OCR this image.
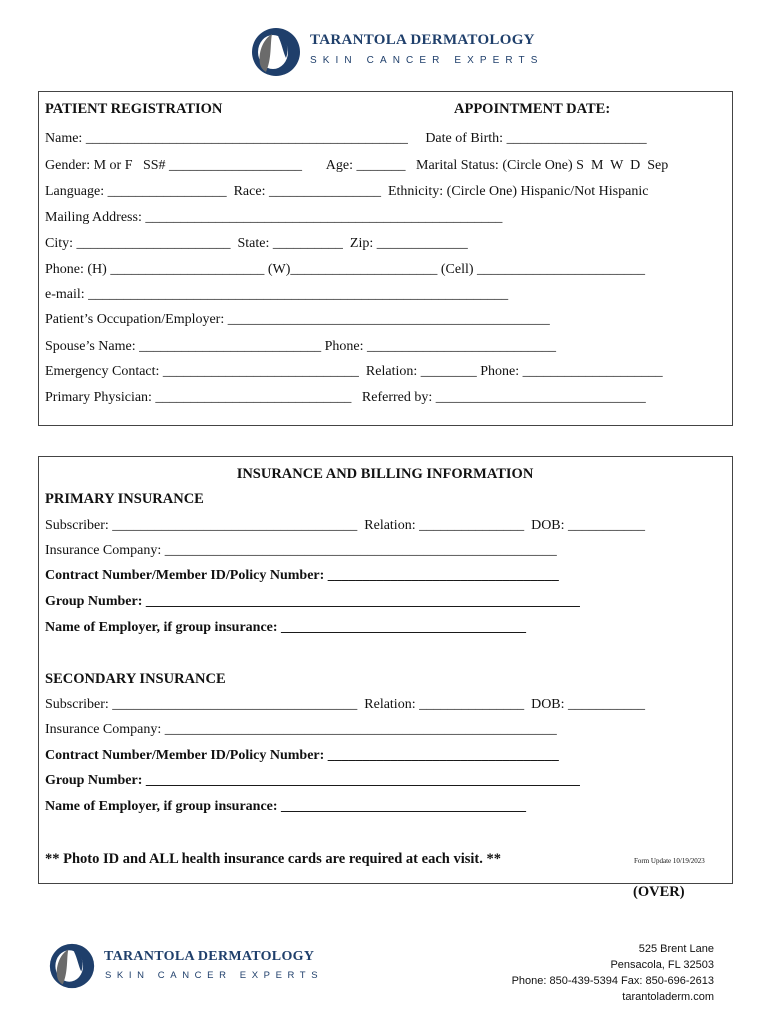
TARANTOLA DERMATOLOGY
SKIN CANCER EXPERTS
PATIENT REGISTRATION	APPOINTMENT DATE:
Name: ______________________________________________     Date of Birth: ____________________
Gender: M or F   SS# ___________________       Age: _______   Marital Status: (Circle One) S  M  W  D  Sep
Language: _________________  Race: ________________  Ethnicity: (Circle One) Hispanic/Not Hispanic
Mailing Address: ___________________________________________________
City: ______________________  State: __________  Zip: _____________
Phone: (H) ______________________ (W)_____________________ (Cell) ________________________
e-mail: ____________________________________________________________
Patient’s Occupation/Employer: ______________________________________________
Spouse’s Name: __________________________ Phone: ___________________________
Emergency Contact: ____________________________  Relation: ________ Phone: ____________________
Primary Physician: ____________________________   Referred by: ______________________________
INSURANCE AND BILLING INFORMATION
PRIMARY INSURANCE
Subscriber: ___________________________________  Relation: _______________  DOB: ___________
Insurance Company: ________________________________________________________
Contract Number/Member ID/Policy Number: _________________________________
Group Number: ______________________________________________________________
Name of Employer, if group insurance: ___________________________________
SECONDARY INSURANCE
Subscriber: ___________________________________  Relation: _______________  DOB: ___________
Insurance Company: ________________________________________________________
Contract Number/Member ID/Policy Number: _________________________________
Group Number: ______________________________________________________________
Name of Employer, if group insurance: ___________________________________
** Photo ID and ALL health insurance cards are required at each visit. **	Form Update 10/19/2023
(OVER)
TARANTOLA DERMATOLOGY
SKIN CANCER EXPERTS
525 Brent Lane
Pensacola, FL 32503
Phone: 850-439-5394 Fax: 850-696-2613
tarantoladerm.com
